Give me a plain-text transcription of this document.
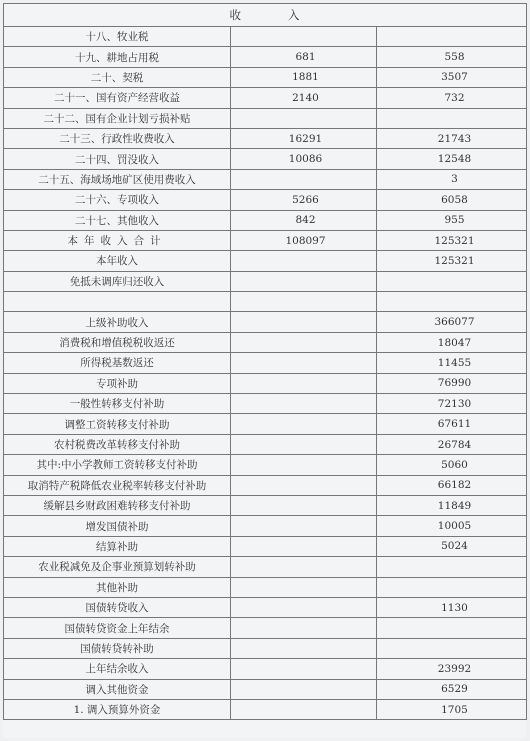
收 入		
十八、牧业税		
十九、耕地占用税	681	558
二十、契税	1881	3507
二十一、国有资产经营收益	2140	732
二十二、国有企业计划亏损补贴		
二十三、行政性收费收入	16291	21743
二十四、罚没收入	10086	12548
二十五、海域场地矿区使用费收入		3
二十六、专项收入	5266	6058
二十七、其他收入	842	955
本年收入合计	108097	125321
本年收入		125321
免抵未调库归还收入		

上级补助收入		366077
消费税和增值税税收返还		18047
所得税基数返还		11455
专项补助		76990
一般性转移支付补助		72130
调整工资转移支付补助		67611
农村税费改革转移支付补助		26784
其中:中小学教师工资转移支付补助		5060
取消特产税降低农业税率转移支付补助		66182
缓解县乡财政困难转移支付补助		11849
增发国债补助		10005
结算补助		5024
农业税减免及企事业预算划转补助		
其他补助		
国债转贷收入		1130
国债转贷资金上年结余		
国债转贷转补助		
上年结余收入		23992
调入其他资金		6529
1. 调入预算外资金		1705
